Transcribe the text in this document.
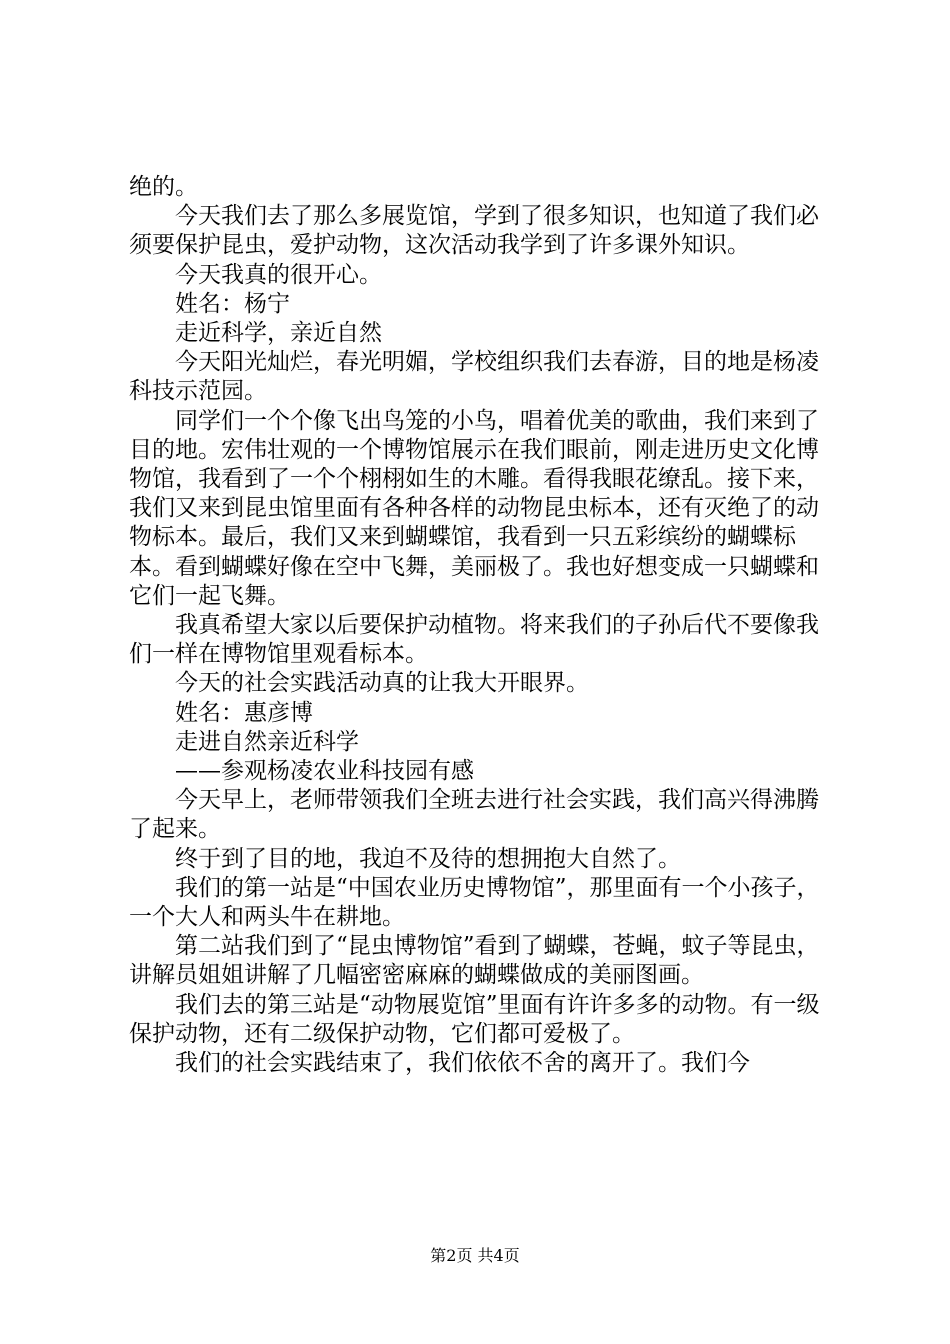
绝的。

今天我们去了那么多展览馆，学到了很多知识，也知道了我们必须要保护昆虫，爱护动物，这次活动我学到了许多课外知识。

今天我真的很开心。

姓名：杨宁

走近科学，亲近自然

今天阳光灿烂，春光明媚，学校组织我们去春游，目的地是杨凌科技示范园。

同学们一个个像飞出鸟笼的小鸟，唱着优美的歌曲，我们来到了目的地。宏伟壮观的一个博物馆展示在我们眼前，刚走进历史文化博物馆，我看到了一个个栩栩如生的木雕。看得我眼花缭乱。接下来，我们又来到昆虫馆里面有各种各样的动物昆虫标本，还有灭绝了的动物标本。最后，我们又来到蝴蝶馆，我看到一只五彩缤纷的蝴蝶标本。看到蝴蝶好像在空中飞舞，美丽极了。我也好想变成一只蝴蝶和它们一起飞舞。

我真希望大家以后要保护动植物。将来我们的子孙后代不要像我们一样在博物馆里观看标本。

今天的社会实践活动真的让我大开眼界。

姓名：惠彦博

走进自然亲近科学

——参观杨凌农业科技园有感

今天早上，老师带领我们全班去进行社会实践，我们高兴得沸腾了起来。

终于到了目的地，我迫不及待的想拥抱大自然了。

我们的第一站是“中国农业历史博物馆”，那里面有一个小孩子，一个大人和两头牛在耕地。

第二站我们到了“昆虫博物馆”看到了蝴蝶，苍蝇，蚊子等昆虫，讲解员姐姐讲解了几幅密密麻麻的蝴蝶做成的美丽图画。

我们去的第三站是“动物展览馆”里面有许许多多的动物。有一级保护动物，还有二级保护动物，它们都可爱极了。

我们的社会实践结束了，我们依依不舍的离开了。我们今

第2页 共4页
